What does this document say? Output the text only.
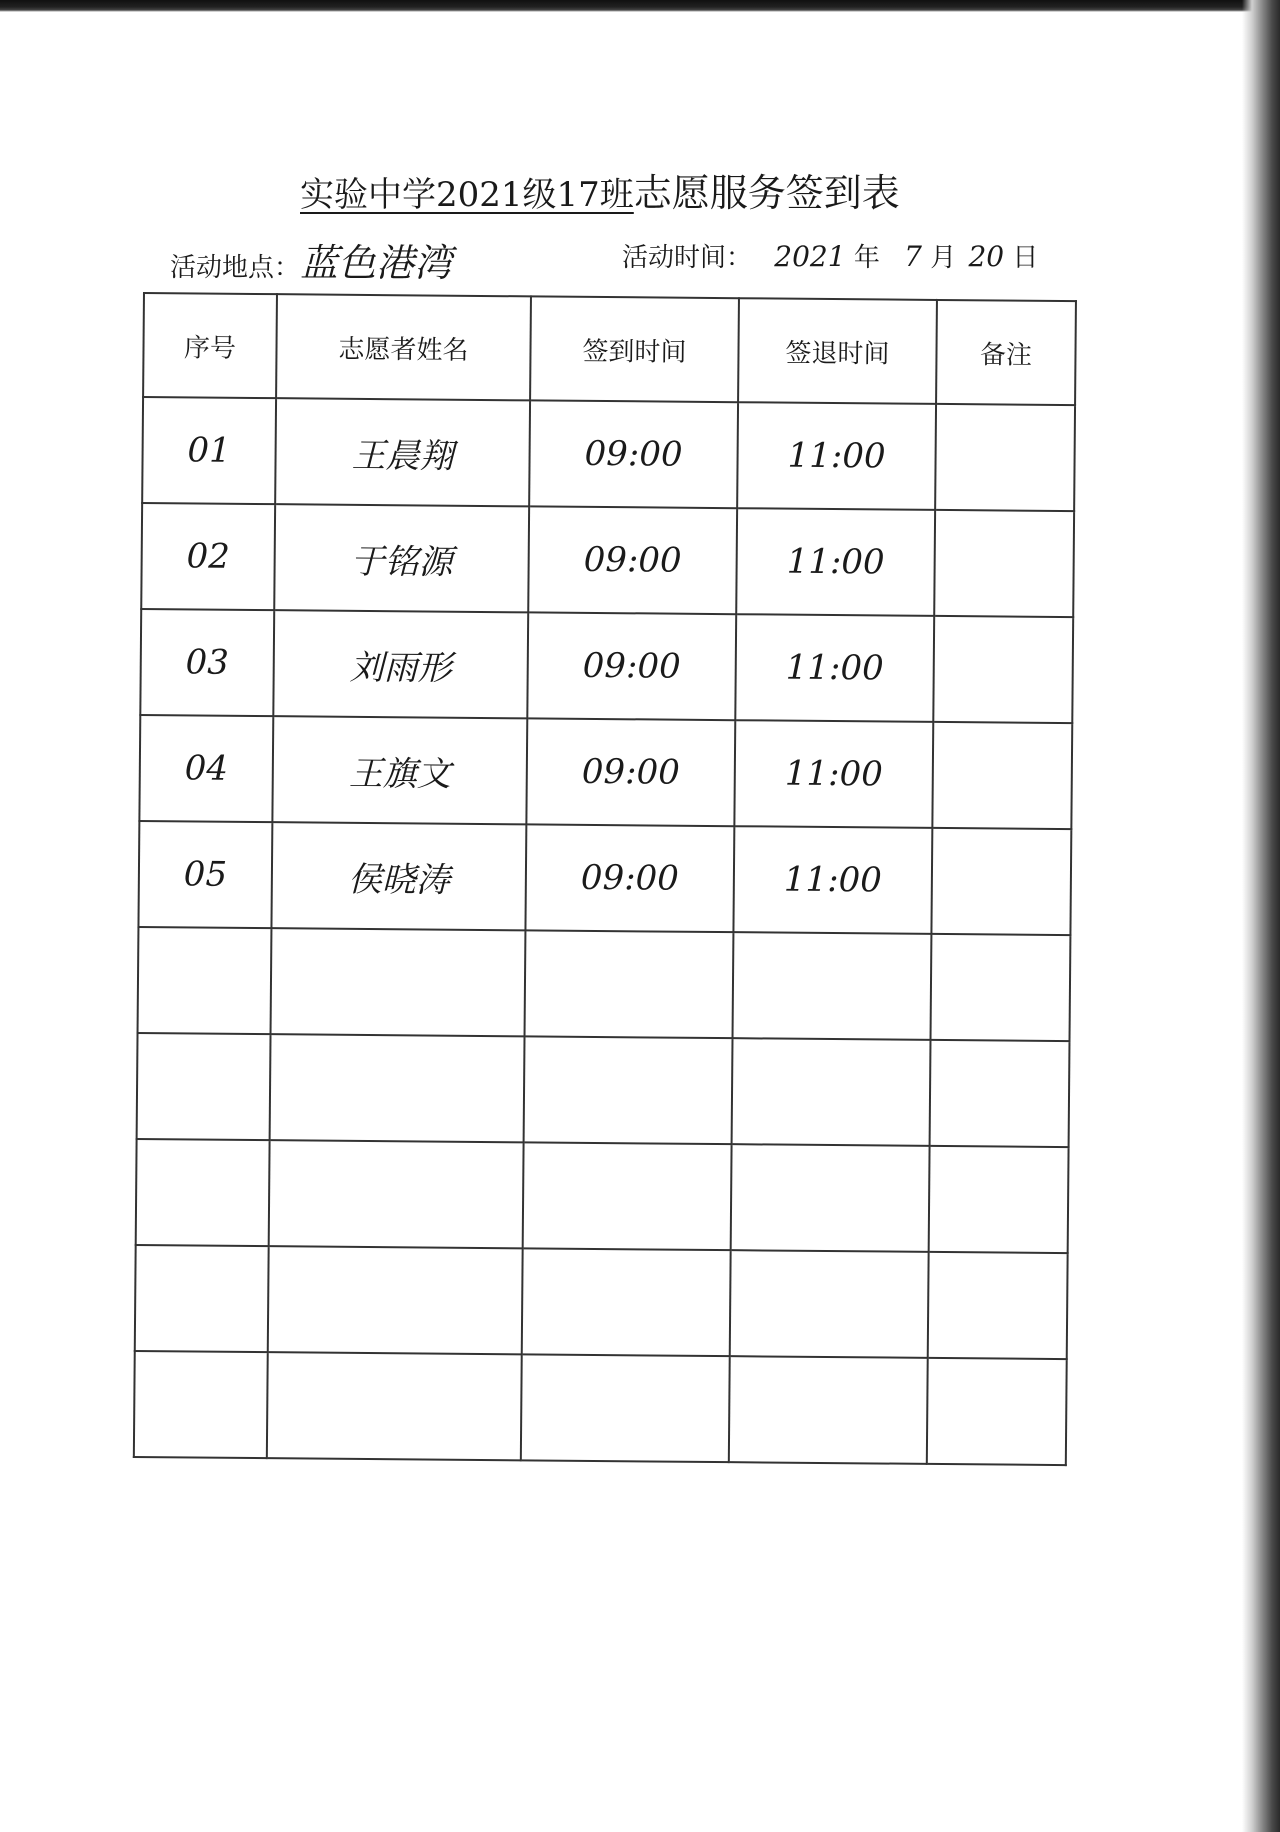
实验中学2021级17班志愿服务签到表
活动地点：蓝色港湾	活动时间： 2021 年 7 月 20 日
序号	志愿者姓名	签到时间	签退时间	备注
01	王晨翔	09:00	11:00	
02	于铭源	09:00	11:00	
03	刘雨形	09:00	11:00	
04	王旗文	09:00	11:00	
05	侯晓涛	09:00	11:00	
